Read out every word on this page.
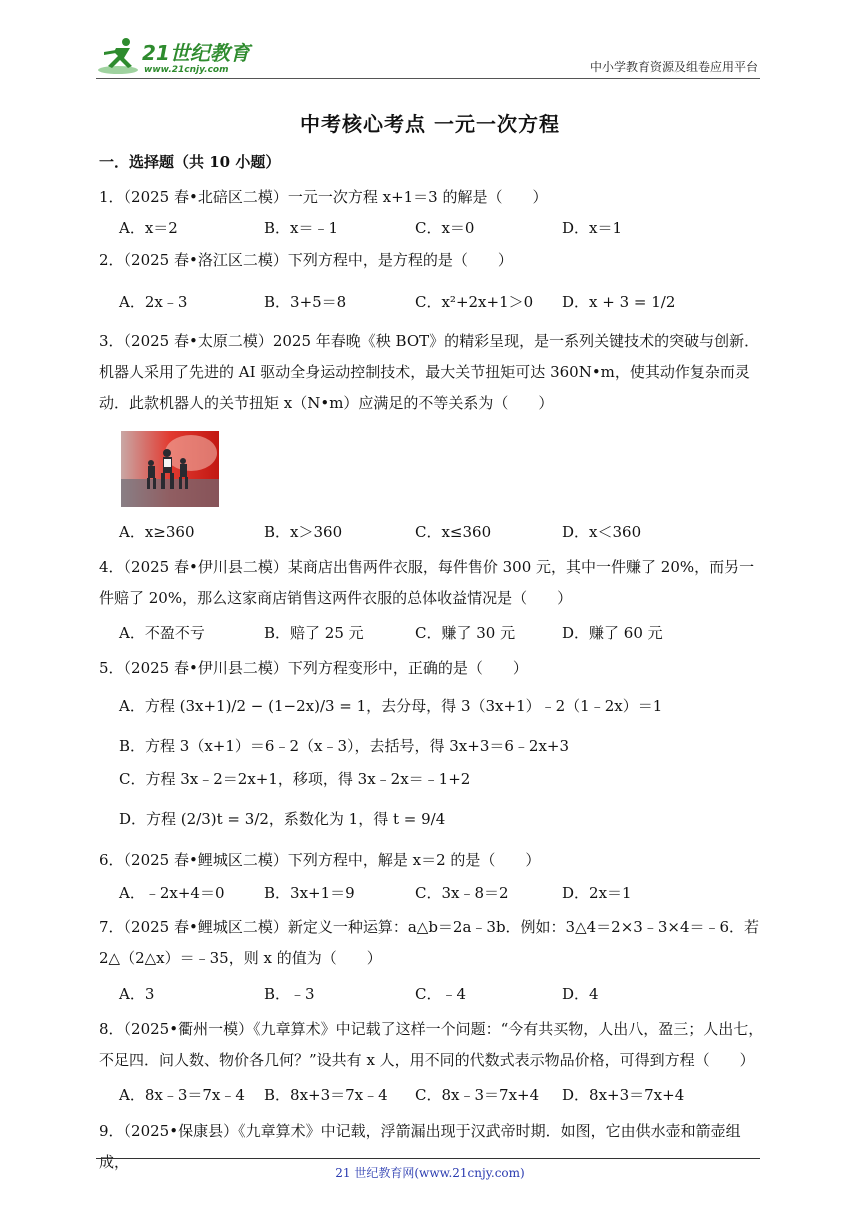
21世纪教育
www.21cnjy.com	中小学教育资源及组卷应用平台
中考核心考点 一元一次方程
一．选择题（共 10 小题）
1．（2025 春•北碚区二模）一元一次方程 x+1＝3 的解是（　　）
A．x＝2	B．x＝﹣1	C．x＝0	D．x＝1
2．（2025 春•洛江区二模）下列方程中，是方程的是（　　）
A．2x﹣3	B．3+5＝8	C．x²+2x+1＞0 D．x + 3 = 1/2
3．（2025 春•太原二模）2025 年春晚《秧 BOT》的精彩呈现，是一系列关键技术的突破与创新．机器人采用了先进的 AI 驱动全身运动控制技术，最大关节扭矩可达 360N•m，使其动作复杂而灵动．此款机器人的关节扭矩 x（N•m）应满足的不等关系为（　　）
A．x≥360	B．x＞360	C．x≤360	D．x＜360
4．（2025 春•伊川县二模）某商店出售两件衣服，每件售价 300 元，其中一件赚了 20%，而另一件赔了 20%，那么这家商店销售这两件衣服的总体收益情况是（　　）
A．不盈不亏	B．赔了 25 元	C．赚了 30 元	D．赚了 60 元
5．（2025 春•伊川县二模）下列方程变形中，正确的是（　　）
A．方程 (3x+1)/2 − (1−2x)/3 = 1，去分母，得 3（3x+1）﹣2（1﹣2x）＝1
B．方程 3（x+1）＝6﹣2（x﹣3），去括号，得 3x+3＝6﹣2x+3
C．方程 3x﹣2＝2x+1，移项，得 3x﹣2x＝﹣1+2
D．方程 (2/3)t = 3/2，系数化为 1，得 t = 9/4
6．（2025 春•鲤城区二模）下列方程中，解是 x＝2 的是（　　）
A．﹣2x+4＝0	B．3x+1＝9	C．3x﹣8＝2	D．2x＝1
7．（2025 春•鲤城区二模）新定义一种运算：a△b＝2a﹣3b．例如：3△4＝2×3﹣3×4＝﹣6．若 2△（2△x）＝﹣35，则 x 的值为（　　）
A．3	B．﹣3	C．﹣4	D．4
8．（2025•衢州一模）《九章算术》中记载了这样一个问题：“今有共买物，人出八，盈三；人出七，不足四．问人数、物价各几何？”设共有 x 人，用不同的代数式表示物品价格，可得到方程（　　）
A．8x﹣3＝7x﹣4 B．8x+3＝7x﹣4 C．8x﹣3＝7x+4 D．8x+3＝7x+4
9．（2025•保康县）《九章算术》中记载，浮箭漏出现于汉武帝时期．如图，它由供水壶和箭壶组成，
21 世纪教育网(www.21cnjy.com)
